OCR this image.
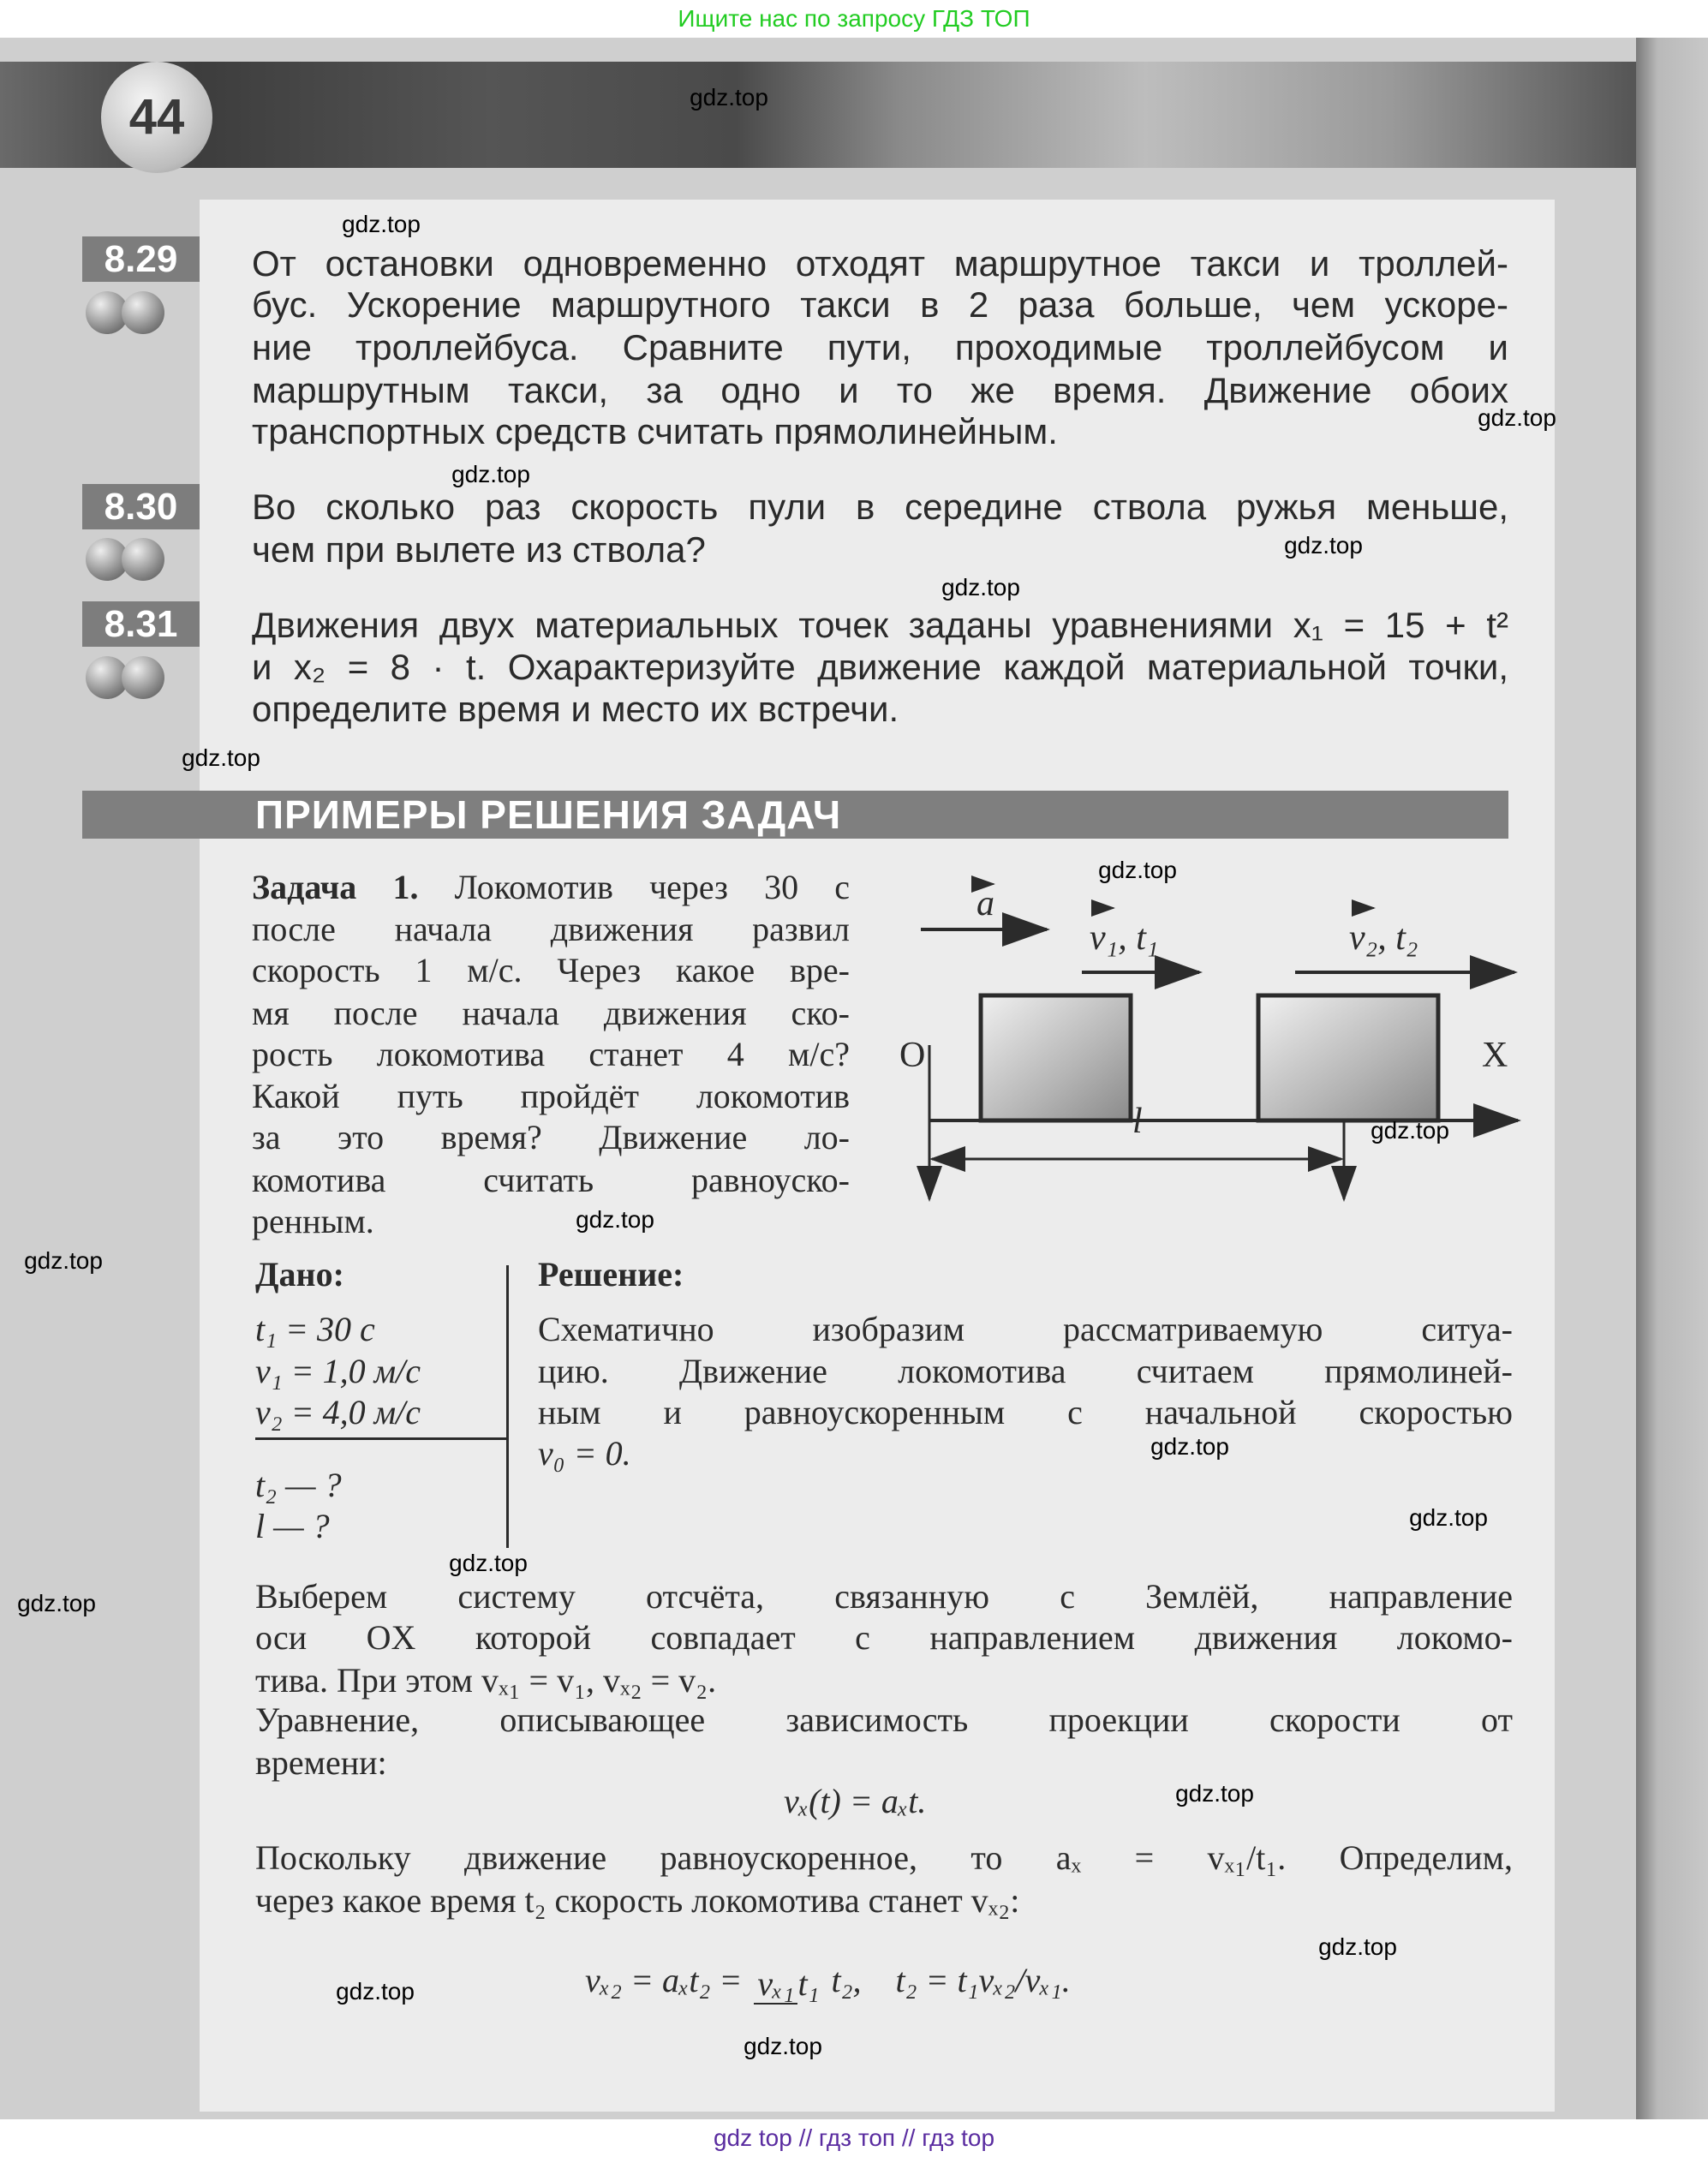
Ищите нас по запросу ГДЗ ТОП
44
8.29	От остановки одновременно отходят маршрутное такси и троллей-
бус. Ускорение маршрутного такси в 2 раза больше, чем ускоре-
ние троллейбуса. Сравните пути, проходимые троллейбусом и
маршрутным такси, за одно и то же время. Движение обоих
транспортных средств считать прямолинейным.
8.30	Во сколько раз скорость пули в середине ствола ружья меньше,
чем при вылете из ствола?
8.31	Движения двух материальных точек заданы уравнениями x₁ = 15 + t²
и x₂ = 8 · t. Охарактеризуйте движение каждой материальной точки,
определите время и место их встречи.
ПРИМЕРЫ РЕШЕНИЯ ЗАДАЧ
Задача 1. Локомотив через 30 с
после начала движения развил
скорость 1 м/с. Через какое вре-
мя после начала движения ско-
рость локомотива станет 4 м/с?
Какой путь пройдёт локомотив
за это время? Движение ло-
комотива считать равноуско-
ренным.
a
v₁, t₁	v₂, t₂
O	X
l
Дано:	Решение:
t₁ = 30 с
v₁ = 1,0 м/с
v₂ = 4,0 м/с
t₂ — ?
l — ?
Схематично изобразим рассматриваемую ситуа-
цию. Движение локомотива считаем прямолиней-
ным и равноускоренным с начальной скоростью
v₀ = 0.
Выберем систему отсчёта, связанную с Землёй, направление
оси OX которой совпадает с направлением движения локомо-
тива. При этом vₓ₁ = v₁, vₓ₂ = v₂.
Уравнение, описывающее зависимость проекции скорости от
времени:
vₓ(t) = aₓt.
Поскольку движение равноускоренное, то aₓ = vₓ₁/t₁. Определим,
через какое время t₂ скорость локомотива станет vₓ₂:
vₓ₂ = aₓt₂ = vₓ₁ t₁ t₂, t₂ = t₁vₓ₂/vₓ₁.
gdz.top
gdz.top
gdz.top
gdz.top
gdz.top
gdz.top
gdz.top
gdz.top
gdz.top
gdz.top
gdz.top
gdz.top
gdz.top
gdz.top
gdz.top
gdz.top
gdz.top
gdz.top
gdz.top
gdz top // гдз топ // гдз top
